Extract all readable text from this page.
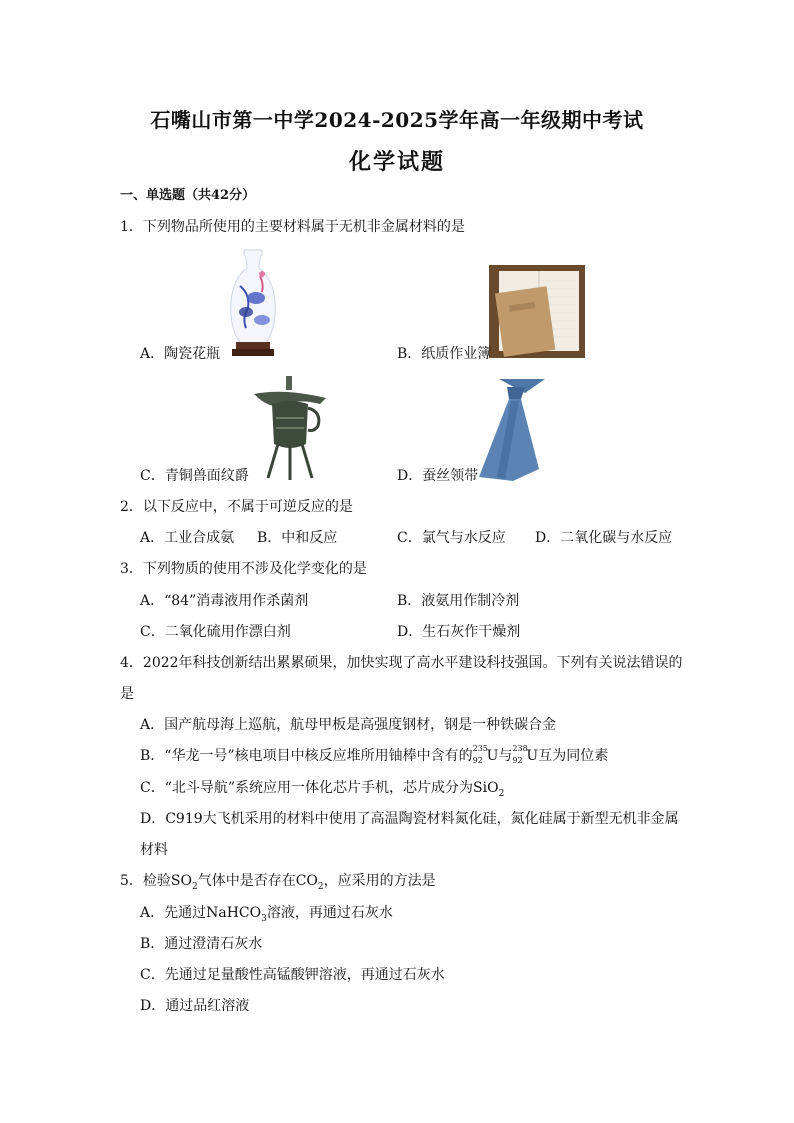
石嘴山市第一中学2024-2025学年高一年级期中考试
化学试题
一、单选题（共42分）
1．下列物品所使用的主要材料属于无机非金属材料的是
A．陶瓷花瓶	B．纸质作业簿
C．青铜兽面纹爵	D．蚕丝领带
2．以下反应中，不属于可逆反应的是
A．工业合成氨 B．中和反应	C．氯气与水反应 D．二氧化碳与水反应
3．下列物质的使用不涉及化学变化的是
A．“84”消毒液用作杀菌剂	B．液氨用作制冷剂
C．二氧化硫用作漂白剂	D．生石灰作干燥剂
4．2022年科技创新结出累累硕果，加快实现了高水平建设科技强国。下列有关说法错误的
是
A．国产航母海上巡航，航母甲板是高强度钢材，钢是一种铁碳合金
B．“华龙一号”核电项目中核反应堆所用铀棒中含有的 235
92 U与 238
92 U互为同位素
C．“北斗导航”系统应用一体化芯片手机，芯片成分为SiO$_2$
D．C919大飞机采用的材料中使用了高温陶瓷材料氮化硅，氮化硅属于新型无机非金属
材料
5．检验$SO_2$气体中是否存在$CO_2$，应采用的方法是
A．先通过NaHCO$_3$溶液，再通过石灰水
B．通过澄清石灰水
C．先通过足量酸性高锰酸钾溶液，再通过石灰水
D．通过品红溶液
